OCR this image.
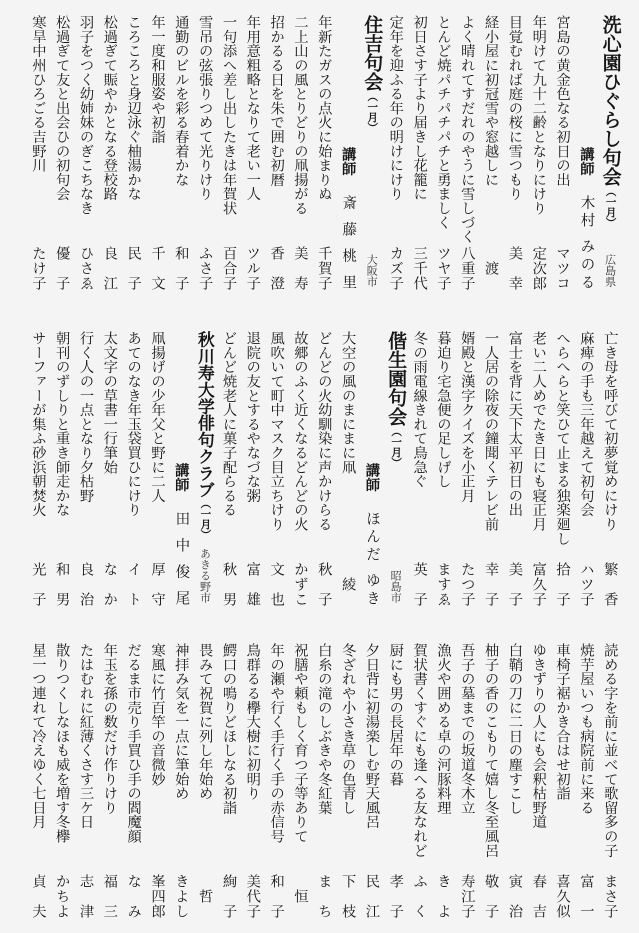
洗心園ひぐらし句会（一月）
広島県
講師
木村 みのる
宮島の黄金色なる初日の出
マツコ
年明けて九十二齢となりにけり
定次郎
目覚むれば庭の桜に雪つもり
美幸
経小屋に初冠雪や窓越しに
渡
よく晴れてすだれのやうに雪しづく
八重子
とんど焼パチパチパチと勇ましく
ツヤ子
初日さす子より届きし花籠に
三千代
定年を迎ふる年の明けにけり
カズ子
住吉句会（一月）
大阪市
講師
斎藤桃里
年新たガスの点火に始まりぬ
千賀子
二上山の風とりどりの凧揚がる
美寿
招かるる日を朱で囲む初暦
香澄
年用意粗略となりて老い一人
ツル子
一句添へ差し出したきは年賀状
百合子
雪吊の弦張りつめて光りけり
ふさ子
通勤のビルを彩る春着かな
和子
年一度和服姿や初詣
千文
ころころと身辺泳ぐ柚湯かな
民子
松過ぎて賑やかとなる登校路
良江
羽子をつく幼姉妹のぎこちなき
ひさゑ
松過ぎて友と出会ひの初句会
優子
寒旱中州ひろごる吉野川
たけ子
亡き母を呼びて初夢覚めにけり
繁香
麻痺の手も三年越えて初句会
ハツ子
へらへらと笑ひて止まる独楽廻し
拾子
老い二人めでたき日にも寝正月
富久子
富士を背に天下太平初日の出
美子
一人居の除夜の鐘聞くテレビ前
幸子
婿殿と漢字クイズを小正月
たつ子
暮迫り宅急便の足しげし
ますゑ
冬の雨電線きれて鳥急ぐ
英子
偕生園句会（一月）
昭島市
講師
ほんだ ゆき
大空の風のまにまに凧
綾
どんどの火幼馴染に声かけらる
秋子
故郷のふく近くなるどんどの火
かずこ
風吹いて町中マスク目立ちけり
文也
退院の友とするやなづな粥
富雄
どんど焼老人に菓子配らるる
秋男
秋川寿大学俳句クラブ（一月）
あきる野市
講師
田中俊尾
凧揚げの少年父と野に二人
厚守
あてのなき年玉袋買ひにけり
イト
太文字の草書一行筆始
なか
行く人の一点となり夕枯野
良治
朝刊のずしりと重き師走かな
和男
サーファーが集ふ砂浜朝焚火
光子
読める字を前に並べて歌留多の子
まさ子
焼芋屋いつも病院前に来る
富一
車椅子裾かき合はせ初詣
喜久似
ゆきずりの人にも会釈枯野道
春吉
白鞘の刀に二日の塵すこし
寅治
柚子の香のこもりて嬉し冬至風呂
敬子
吾子の墓までの坂道冬木立
寿江子
漁火や囲める卓の河豚料理
きよ
賀状書くすぐにも逢へる友なれど
ふく
厨にも男の長居年の暮
孝子
夕日背に初湯楽しむ野天風呂
民江
冬ざれや小さき草の色青し
下枝
白糸の滝のしぶきや冬紅葉
まち
祝膳や頼もしく育つ子等ありて
恒
年の瀬や行く手行く手の赤信号
和子
鳥群るる欅大樹に初明り
美代子
鰐口の鳴りどほしなる初詣
絢子
畏みて祝賀に列し年始め
哲
神拝み気を一点に筆始め
きよし
寒風に竹百竿の音微妙
峯四郎
だるま市売り手買ひ手の閻魔顔
なみ
年玉を孫の数だけ作りけり
福三
たはむれに紅薄くさす三ケ日
志津
散りつくしなほも威を増す冬欅
かちよ
星一つ連れて冷えゆく七日月
貞夫
